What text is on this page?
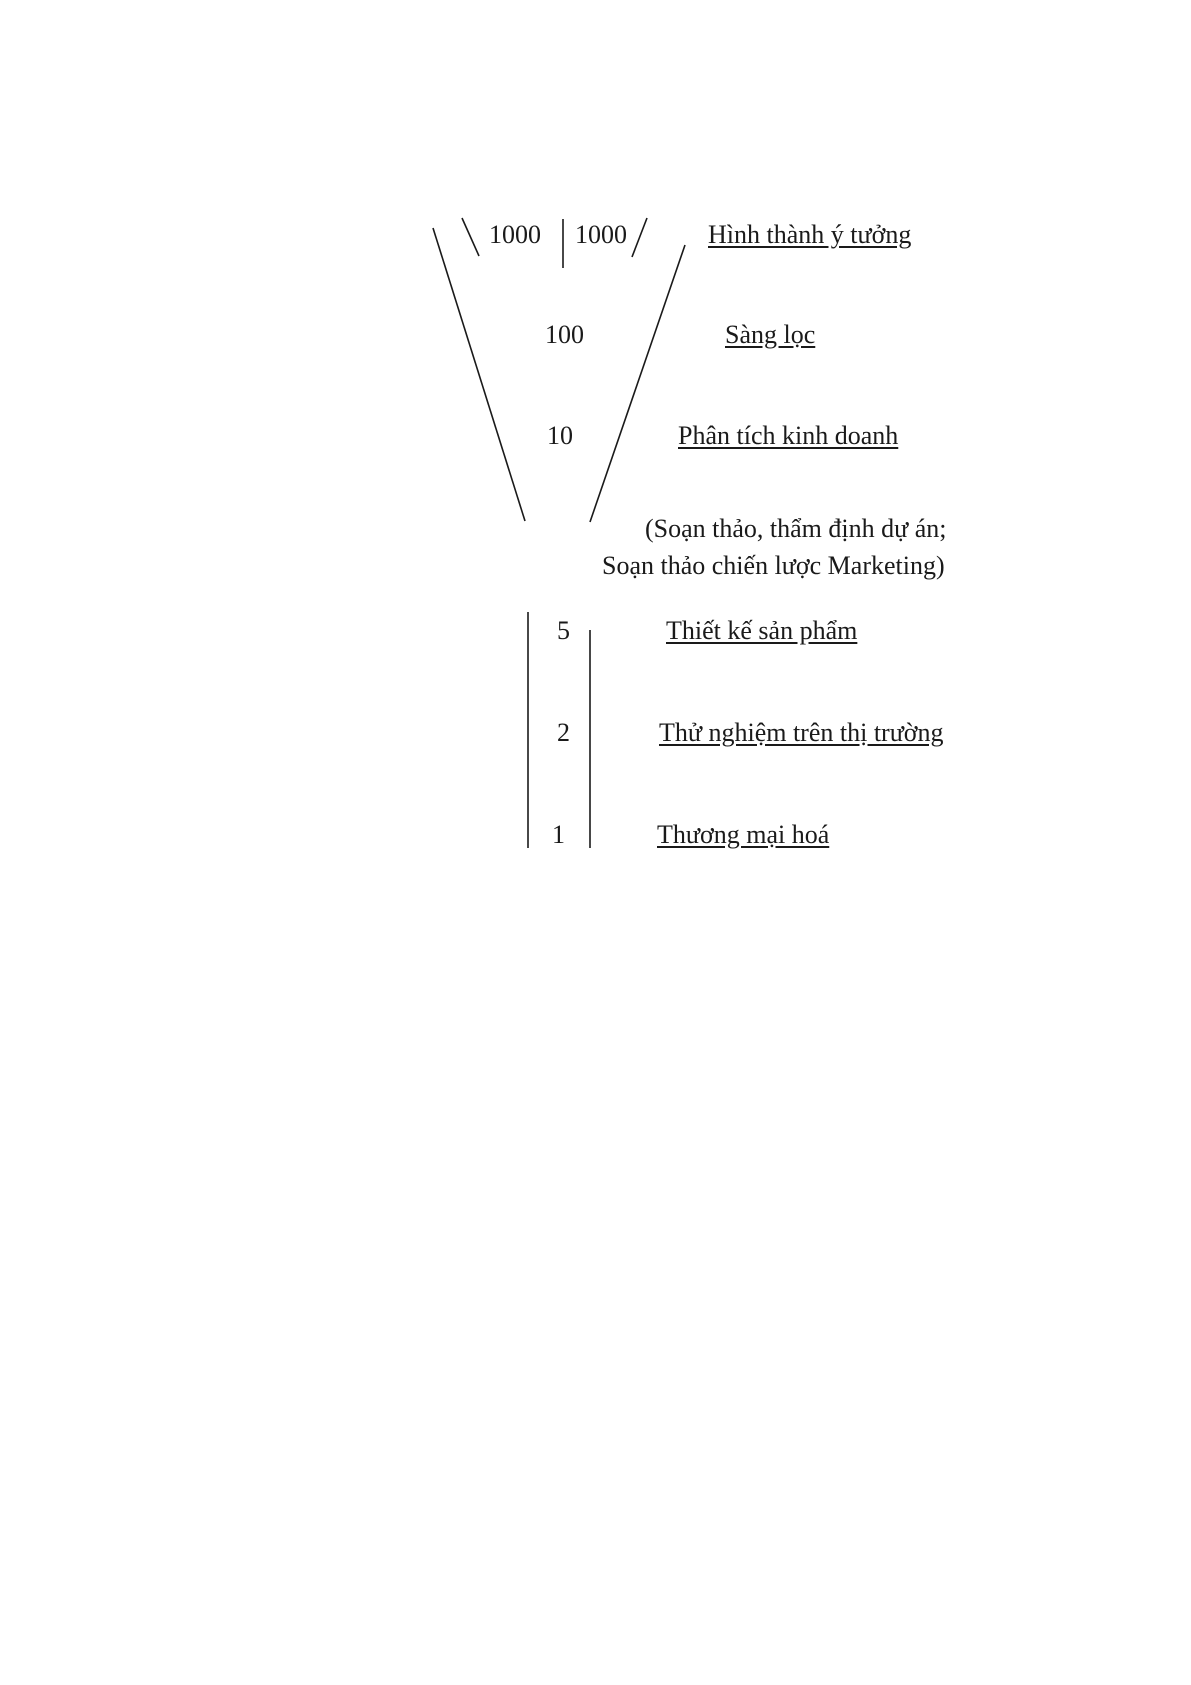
1000 1000
100
10
5
2
1
Hình thành ý tưởng
Sàng lọc
Phân tích kinh doanh
(Soạn thảo, thẩm định dự án;
Soạn thảo chiến lược Marketing)
Thiết kế sản phẩm
Thử nghiệm trên thị trường
Thương mại hoá
